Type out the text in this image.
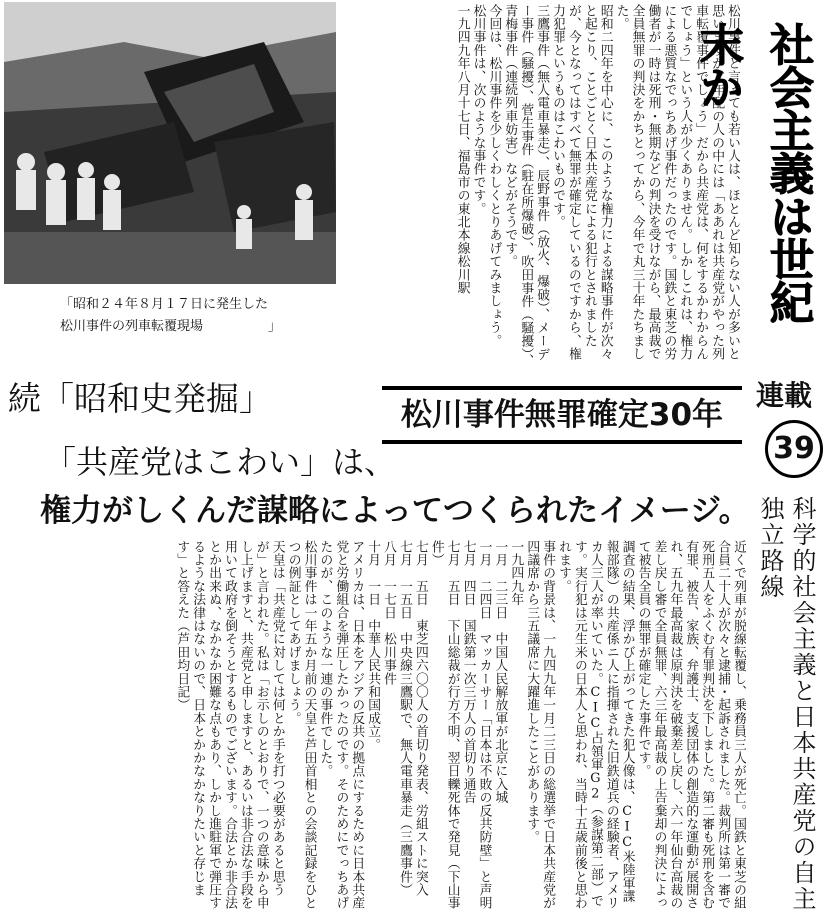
「昭和２４年８月１７日に発生した
松川事件の列車転覆現場　　　　　」	松川事件と言っても若い人は、ほとんど知らない人が多いと思いますが、年配の人の中には「ああれは共産党がやった列車転覆事件でしょう」だから共産党は、何をするかわからんでしょう」という人が少くありません。しかしこれは、権力による悪質なでっちあげ事件だったのです。国鉄と東芝の労働者が一時は死刑・無期などの判決を受けながら、最高裁で全員無罪の判決をかちとってから、今年で丸三十年たちました。

昭和二四年を中心に、このような権力による謀略事件が次々と起こり、ことごとく日本共産党による犯行とされましたが、今となってはすべて無罪が確定しているのですから、権力犯罪というものはこわいものです。

三鷹事件（無人電車暴走）、辰野事件（放火、爆破）、メーデー事件（騒擾）、菅生事件（駐在所爆破）、吹田事件（騒擾）、青梅事件（連続列車妨害）などがそうです。

今回は、松川事件を少しくわしくとりあげてみましょう。

松川事件は、次のような事件です。

一九四九年八月十七日、福島市の東北本線松川駅	社会主義は世紀末か
連載
39
続「昭和史発掘」	松川事件無罪確定30年
「共産党はこわい」は、
権力がしくんだ謀略によってつくられたイメージ。	科学的社会主義と日本共産党の自主独立路線

近くで列車が脱線転覆し、乗務員三人が死亡。国鉄と東芝の組合員二十人が次々と逮捕・起訴されました。裁判所は第一審で死刑五人をふくむ有罪判決を下しました。第二審も死刑を含む有罪、被告、家族、弁護士、支援団体の創造的な運動が展開され、五九年最高裁は原判決を破棄差し戻し、六一年仙台高裁の差し戻し審で全員無罪、六三年最高裁の上告棄却の判決によって被告全員の無罪が確定した事件です。

調査の結果、浮かび上がってきた犯人像は、CIC米陸軍諜報部隊）の共産係ニ人に指揮された旧鉄道兵の経験者、アメリカ人三人が率いていた。CIC占領軍G2（参謀第二部）です。実行犯は元生米の日本人と思われ、当時十五歳前後と思われます。

事件の背景は、一九四九年一月二三日の総選挙で日本共産党が四議席から三五議席に大躍進したことがあります。

一九四九年

一月　二三日　中国人民解放軍が北京に入城

一月　二四日　マッカーサー「日本は不敗の反共防壁」と声明

七月　四日　国鉄第一次三万人の首切り通告

七月　五日　下山総裁が行方不明、翌日轢死体で発見（下山事件）

七月　五日　東芝四六〇〇人の首切り発表、労組ストに突入

七月　一五日　中央線三鷹駅で、無人電車暴走（三鷹事件）

八月　一七日　松川事件

十月　一日　中華人民共和国成立。

アメリカは、日本をアジアの反共の拠点にするために日本共産党と労働組合を弾圧したかったのです。そのためにでっちあげたのが、このような一連の事件でした。

松川事件は一年五か月前の天皇と芦田首相との会談記録をひとつの例証としてあげましょう。

天皇は「共産党に対しては何とか手を打つ必要があると思うが」と言われた。私は「お示しのとおりで、一つの意味から申し上げますと、共産党と申しますと、あるいは非合法な手段を用いて政府を倒そうとするものでございます。合法とか非合法とか出来ぬ、なかなか困難な点もあり、しかし進駐軍で弾圧するような法律はないので、日本とかかなかなりたいと存じます」と答えた（芦田均日記）
